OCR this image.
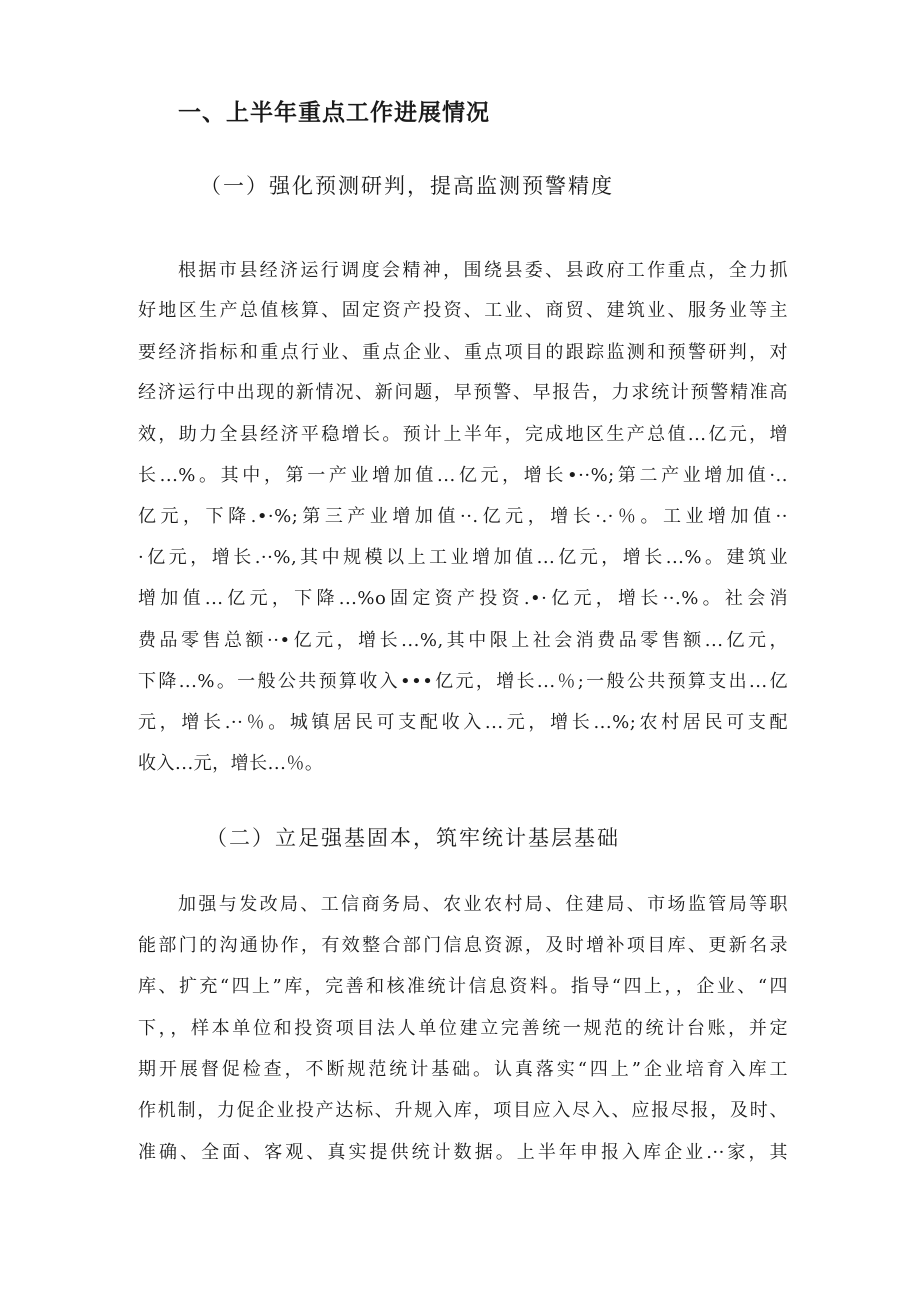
一、上半年重点工作进展情况
（一）强化预测研判，提高监测预警精度
根据市县经济运行调度会精神，围绕县委、县政府工作重点，全力抓
好地区生产总值核算、固定资产投资、工业、商贸、建筑业、服务业等主
要经济指标和重点行业、重点企业、重点项目的跟踪监测和预警研判，对
经济运行中出现的新情况、新问题，早预警、早报告，力求统计预警精准高
效，助力全县经济平稳增长。预计上半年，完成地区生产总值...亿元，增
长...%。其中，第一产业增加值...亿元，增长•··%;第二产业增加值·..
亿元，下降.•·%;第三产业增加值··.亿元，增长·.·％。工业增加值··
·亿元，增长.··%,其中规模以上工业增加值...亿元，增长...%。建筑业
增加值...亿元，下降...%o固定资产投资.•·亿元，增长··.%。社会消
费品零售总额··•亿元，增长...%,其中限上社会消费品零售额...亿元，
下降...%。一般公共预算收入•••亿元，增长...％;一般公共预算支出...亿
元，增长.··％。城镇居民可支配收入...元，增长...%;农村居民可支配
收入...元，增长...％。
（二）立足强基固本，筑牢统计基层基础
加强与发改局、工信商务局、农业农村局、住建局、市场监管局等职
能部门的沟通协作，有效整合部门信息资源，及时增补项目库、更新名录
库、扩充“四上”库，完善和核准统计信息资料。指导“四上，，企业、“四
下，，样本单位和投资项目法人单位建立完善统一规范的统计台账，并定
期开展督促检查，不断规范统计基础。认真落实“四上”企业培育入库工
作机制，力促企业投产达标、升规入库，项目应入尽入、应报尽报，及时、
准确、全面、客观、真实提供统计数据。上半年申报入库企业.··家，其
